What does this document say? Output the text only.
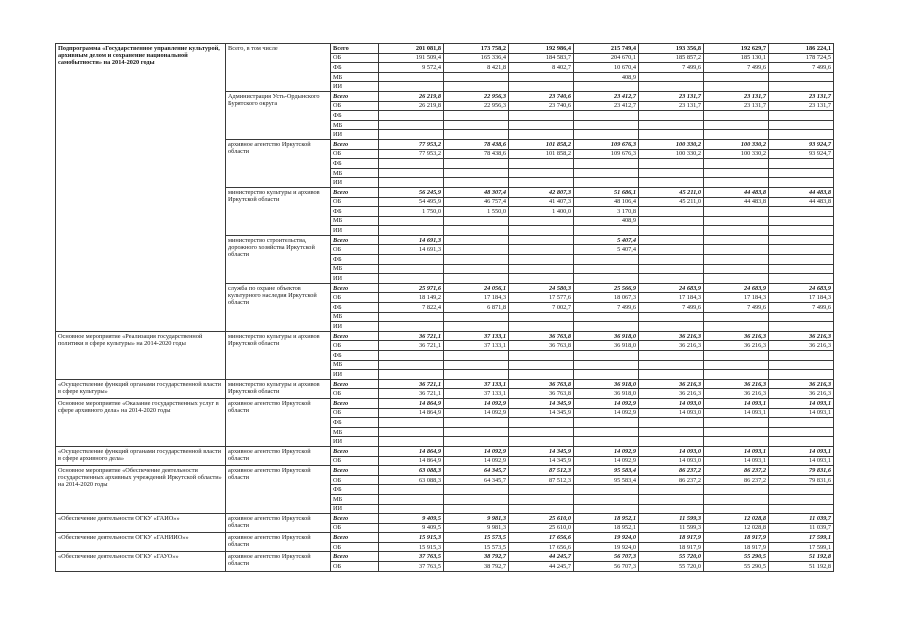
Подпрограмма «Государственное управление культурой, архивным делом и сохранение национальной самобытности» на 2014-2020 годы	Всего, в том числе	Всего	201 081,8	173 758,2	192 986,4	215 749,4	193 356,8	192 629,7	186 224,1
		ОБ	191 509,4	165 336,4	184 583,7	204 670,1	185 857,2	185 130,1	178 724,5
		ФБ	9 572,4	8 421,8	8 402,7	10 670,4	7 499,6	7 499,6	7 499,6
		МБ				408,9			
		ИИ							
	Администрация Усть-Ордынского Бурятского округа	Всего	26 219,8	22 956,3	23 740,6	23 412,7	23 131,7	23 131,7	23 131,7
		ОБ	26 219,8	22 956,3	23 740,6	23 412,7	23 131,7	23 131,7	23 131,7
		ФБ							
		МБ							
		ИИ							
	архивное агентство Иркутской области	Всего	77 953,2	78 438,6	101 858,2	109 676,3	100 330,2	100 330,2	93 924,7
		ОБ	77 953,2	78 438,6	101 858,2	109 676,3	100 330,2	100 330,2	93 924,7
		ФБ							
		МБ							
		ИИ							
	министерство культуры и архивов Иркутской области	Всего	56 245,9	48 307,4	42 807,3	51 686,1	45 211,0	44 483,8	44 483,8
		ОБ	54 495,9	46 757,4	41 407,3	48 106,4	45 211,0	44 483,8	44 483,8
		ФБ	1 750,0	1 550,0	1 400,0	3 170,8			
		МБ				408,9			
		ИИ							
	министерство строительства, дорожного хозяйства Иркутской области	Всего	14 691,3			5 407,4			
		ОБ	14 691,3			5 407,4			
		ФБ							
		МБ							
		ИИ							
	служба по охране объектов культурного наследия Иркутской области	Всего	25 971,6	24 056,1	24 580,3	25 566,9	24 683,9	24 683,9	24 683,9
		ОБ	18 149,2	17 184,3	17 577,6	18 067,3	17 184,3	17 184,3	17 184,3
		ФБ	7 822,4	6 871,8	7 002,7	7 499,6	7 499,6	7 499,6	7 499,6
		МБ							
		ИИ							
Основное мероприятие «Реализация государственной политики в сфере культуры» на 2014-2020 годы	министерство культуры и архивов Иркутской области	Всего	36 721,1	37 133,1	36 763,8	36 918,0	36 216,3	36 216,3	36 216,3
		ОБ	36 721,1	37 133,1	36 763,8	36 918,0	36 216,3	36 216,3	36 216,3
		ФБ							
		МБ							
		ИИ							
«Осуществление функций органами государственной власти в сфере культуры»	министерство культуры и архивов Иркутской области	Всего	36 721,1	37 133,1	36 763,8	36 918,0	36 216,3	36 216,3	36 216,3
		ОБ	36 721,1	37 133,1	36 763,8	36 918,0	36 216,3	36 216,3	36 216,3
Основное мероприятие «Оказание государственных услуг в сфере архивного дела» на 2014-2020 годы	архивное агентство Иркутской области	Всего	14 864,9	14 092,9	14 345,9	14 092,9	14 093,0	14 093,1	14 093,1
		ОБ	14 864,9	14 092,9	14 345,9	14 092,9	14 093,0	14 093,1	14 093,1
		ФБ							
		МБ							
		ИИ							
«Осуществление функций органами государственной власти в сфере архивного дела»	архивное агентство Иркутской области	Всего	14 864,9	14 092,9	14 345,9	14 092,9	14 093,0	14 093,1	14 093,1
		ОБ	14 864,9	14 092,9	14 345,9	14 092,9	14 093,0	14 093,1	14 093,1
Основное мероприятие «Обеспечение деятельности государственных архивных учреждений Иркутской области» на 2014-2020 годы	архивное агентство Иркутской области	Всего	63 088,3	64 345,7	87 512,3	95 583,4	86 237,2	86 237,2	79 831,6
		ОБ	63 088,3	64 345,7	87 512,3	95 583,4	86 237,2	86 237,2	79 831,6
		ФБ							
		МБ							
		ИИ							
«Обеспечение деятельности ОГКУ «ГАИО»»	архивное агентство Иркутской области	Всего	9 409,5	9 981,3	25 610,0	18 952,1	11 599,3	12 028,8	11 039,7
		ОБ	9 409,5	9 981,3	25 610,0	18 952,1	11 599,3	12 028,8	11 039,7
«Обеспечение деятельности ОГКУ «ГАНИИО»»	архивное агентство Иркутской области	Всего	15 915,3	15 573,5	17 656,6	19 924,0	18 917,9	18 917,9	17 599,1
		ОБ	15 915,3	15 573,5	17 656,6	19 924,0	18 917,9	18 917,9	17 599,1
«Обеспечение деятельности ОГКУ «ГАУО»»	архивное агентство Иркутской области	Всего	37 763,5	38 792,7	44 245,7	56 707,3	55 720,0	55 290,5	51 192,8
		ОБ	37 763,5	38 792,7	44 245,7	56 707,3	55 720,0	55 290,5	51 192,8
